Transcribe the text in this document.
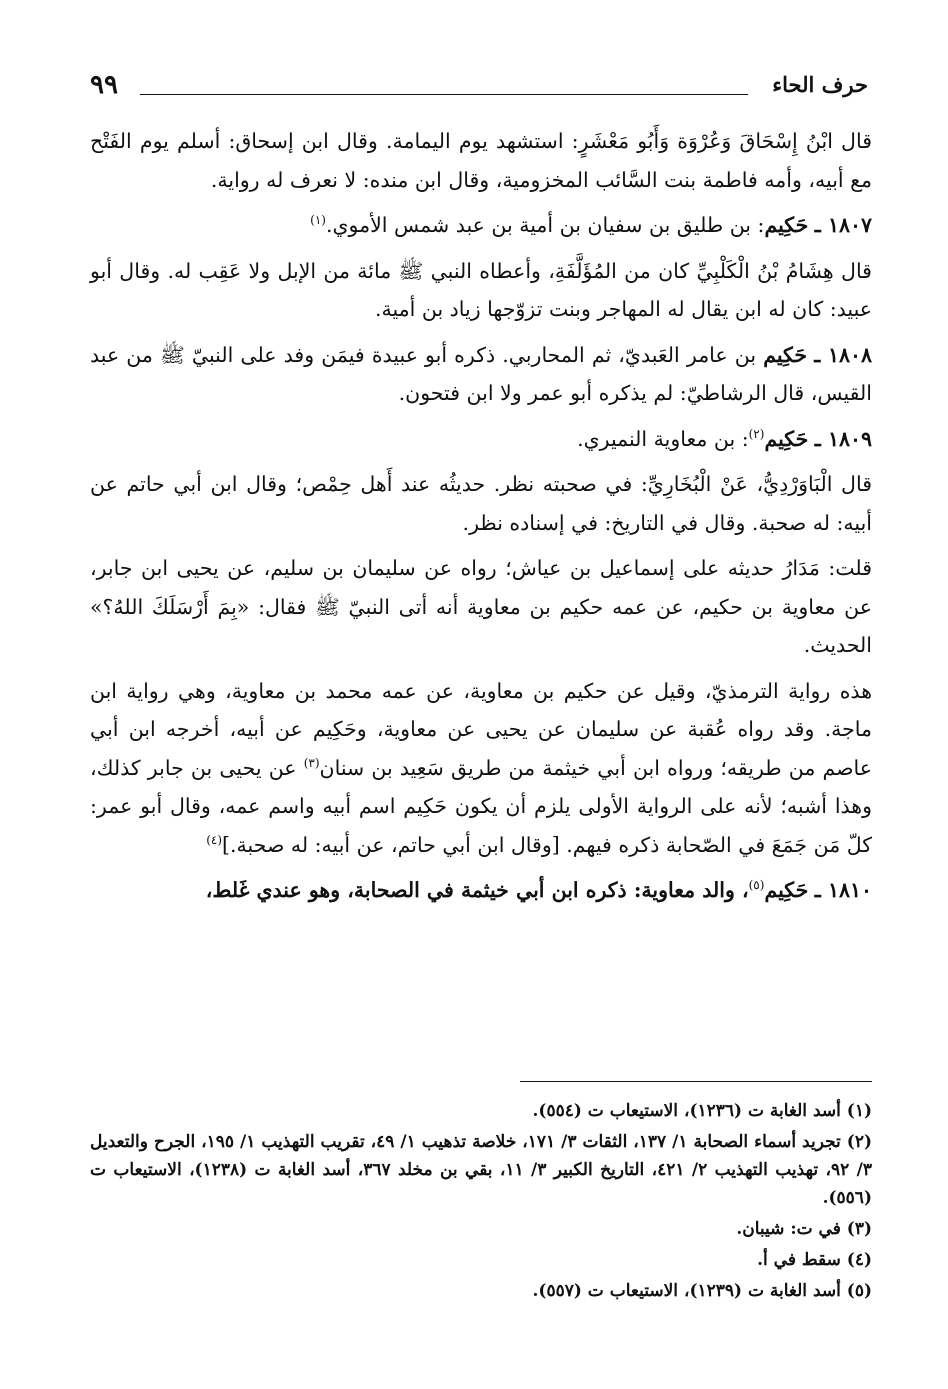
حرف الحاء
٩٩

قال ابْنُ إِسْحَاقَ وَعُرْوَة وَأَبُو مَعْشَرٍ: استشهد يوم اليمامة. وقال ابن إسحاق: أسلم يوم الفَتْح مع أبيه، وأمه فاطمة بنت السَّائب المخزومية، وقال ابن منده: لا نعرف له رواية.

١٨٠٧ ـ حَكِيم: بن طليق بن سفيان بن أمية بن عبد شمس الأموي.$^{(١)}$

قال هِشَامُ بْنُ الْكَلْبِيِّ كان من المُؤَلَّفَةِ، وأعطاه النبي ﷺ مائة من الإبل ولا عَقِب له. وقال أبو عبيد: كان له ابن يقال له المهاجر وبنت تزوّجها زياد بن أمية.

١٨٠٨ ـ حَكِيم بن عامر العَبديّ، ثم المحاربي. ذكره أبو عبيدة فيمَن وفد على النبيّ ﷺ من عبد القيس، قال الرشاطيّ: لم يذكره أبو عمر ولا ابن فتحون.

١٨٠٩ ـ حَكِيم$^{(٢)}$: بن معاوية النميري.

قال الْبَاوَرْدِيُّ، عَنْ الْبُخَارِيِّ: في صحبته نظر. حديثُه عند أَهل حِمْص؛ وقال ابن أبي حاتم عن أبيه: له صحبة. وقال في التاريخ: في إسناده نظر.

قلت: مَدَارُ حديثه على إسماعيل بن عياش؛ رواه عن سليمان بن سليم، عن يحيى ابن جابر، عن معاوية بن حكيم، عن عمه حكيم بن معاوية أنه أتى النبيّ ﷺ فقال: «بِمَ أَرْسَلَكَ اللهُ؟» الحديث.

هذه رواية الترمذيّ، وقيل عن حكيم بن معاوية، عن عمه محمد بن معاوية، وهي رواية ابن ماجة. وقد رواه عُقبة عن سليمان عن يحيى عن معاوية، وحَكِيم عن أبيه، أخرجه ابن أبي عاصم من طريقه؛ ورواه ابن أبي خيثمة من طريق سَعِيد بن سنان$^{(٣)}$ عن يحيى بن جابر كذلك، وهذا أشبه؛ لأنه على الرواية الأولى يلزم أن يكون حَكِيم اسم أبيه واسم عمه، وقال أبو عمر: كلّ مَن جَمَعَ في الصّحابة ذكره فيهم. [وقال ابن أبي حاتم، عن أبيه: له صحبة.]$^{(٤)}$

١٨١٠ ـ حَكِيم$^{(٥)}$، والد معاوية: ذكره ابن أبي خيثمة في الصحابة، وهو عندي غَلط،

(١) أسد الغابة ت (١٢٣٦)، الاستيعاب ت (٥٥٤).

(٢) تجريد أسماء الصحابة ١/ ١٣٧، الثقات ٣/ ١٧١، خلاصة تذهيب ١/ ٤٩، تقريب التهذيب ١/ ١٩٥، الجرح والتعديل ٣/ ٩٢، تهذيب التهذيب ٢/ ٤٢١، التاريخ الكبير ٣/ ١١، بقي بن مخلد ٣٦٧، أسد الغابة ت (١٢٣٨)، الاستيعاب ت (٥٥٦).

(٣) في ت: شيبان.

(٤) سقط في أ.

(٥) أسد الغابة ت (١٢٣٩)، الاستيعاب ت (٥٥٧).
